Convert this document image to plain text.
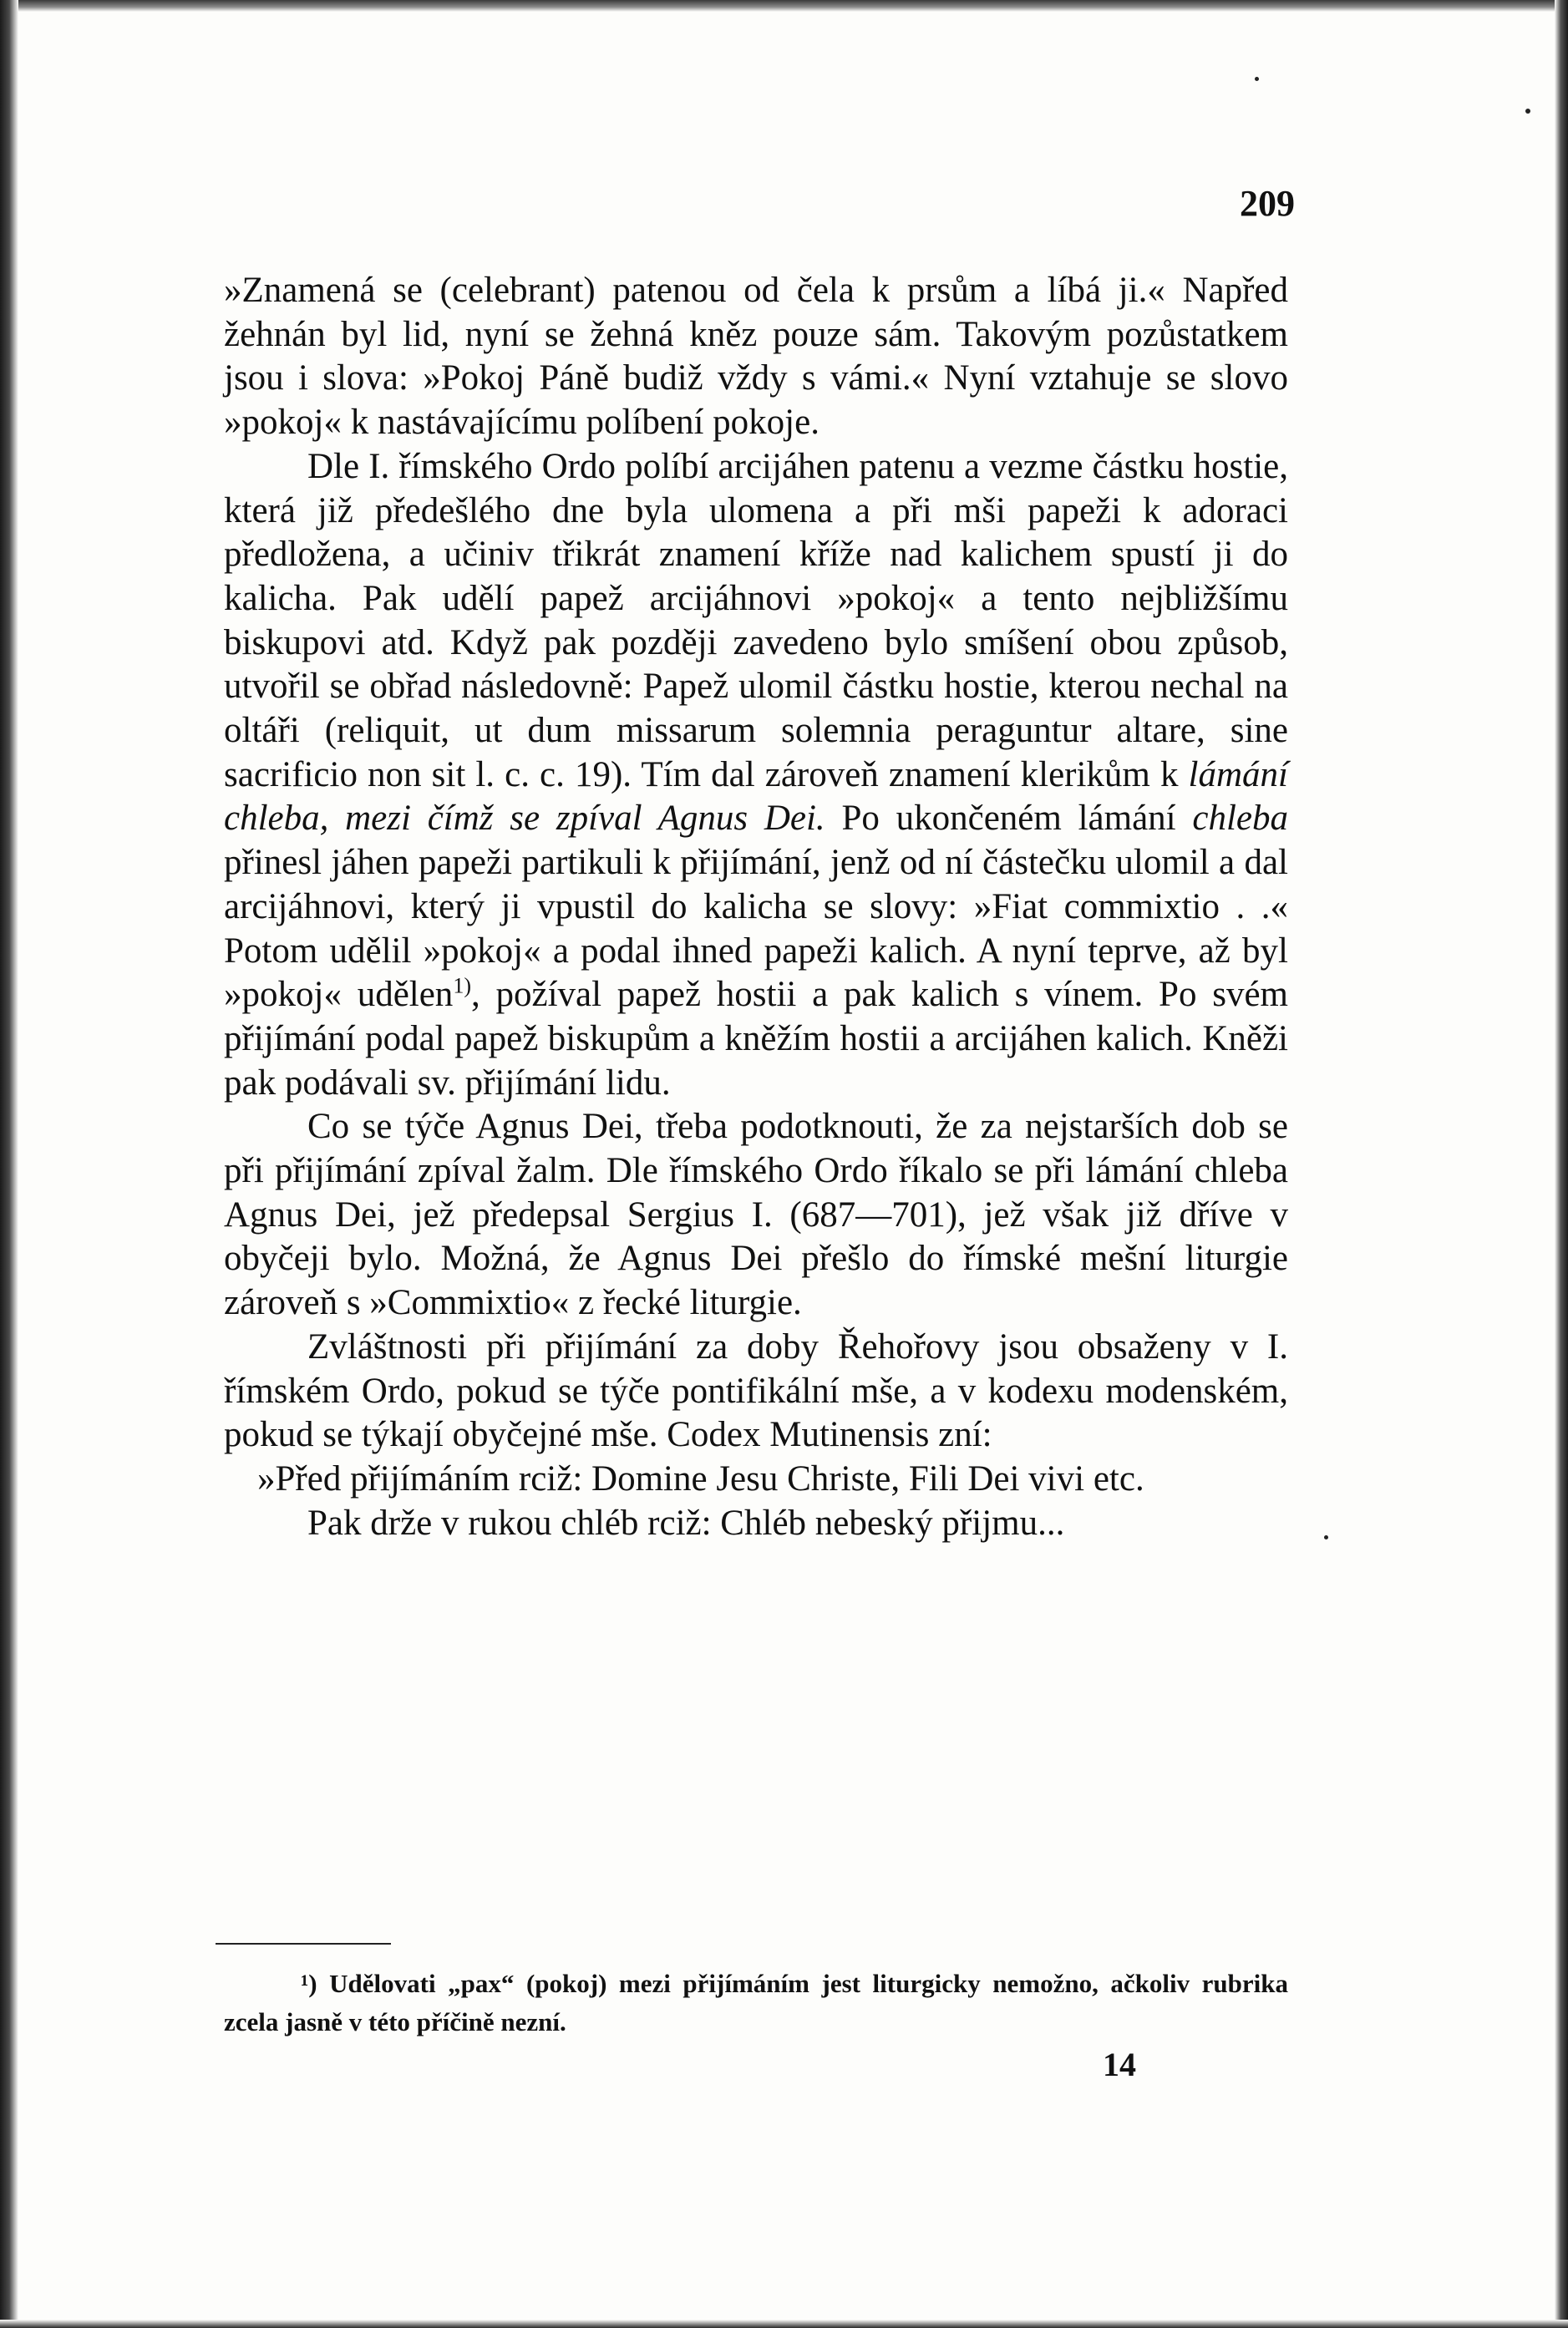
209

»Znamená se (celebrant) patenou od čela k prsům a líbá ji.« Napřed žehnán byl lid, nyní se žehná kněz pouze sám. Takovým pozůstatkem jsou i slova: »Pokoj Páně budiž vždy s vámi.« Nyní vztahuje se slovo »pokoj« k nastávajícímu políbení pokoje.

Dle I. římského Ordo políbí arcijáhen patenu a vezme částku hostie, která již předešlého dne byla ulomena a při mši papeži k adoraci předložena, a učiniv třikrát znamení kříže nad kalichem spustí ji do kalicha. Pak udělí papež arcijáhnovi »pokoj« a tento nejbližšímu biskupovi atd. Když pak později zavedeno bylo smíšení obou způsob, utvořil se obřad následovně: Papež ulomil částku hostie, kterou nechal na oltáři (reliquit, ut dum missarum solemnia peraguntur altare, sine sacrificio non sit l. c. c. 19). Tím dal zároveň znamení klerikům k lámání chleba, mezi čímž se zpíval Agnus Dei. Po ukončeném lámání chleba přinesl jáhen papeži partikuli k přijímání, jenž od ní částečku ulomil a dal arcijáhnovi, který ji vpustil do kalicha se slovy: »Fiat commixtio . .« Potom udělil »pokoj« a podal ihned papeži kalich. A nyní teprve, až byl »pokoj« udělen$^{1)}$, požíval papež hostii a pak kalich s vínem. Po svém přijímání podal papež biskupům a kněžím hostii a arcijáhen kalich. Kněži pak podávali sv. přijímání lidu.

Co se týče Agnus Dei, třeba podotknouti, že za nejstarších dob se při přijímání zpíval žalm. Dle římského Ordo říkalo se při lámání chleba Agnus Dei, jež předepsal Sergius I. (687—701), jež však již dříve v obyčeji bylo. Možná, že Agnus Dei přešlo do římské mešní liturgie zároveň s »Commixtio« z řecké liturgie.

Zvláštnosti při přijímání za doby Řehořovy jsou obsaženy v I. římském Ordo, pokud se týče pontifikální mše, a v kodexu modenském, pokud se týkají obyčejné mše. Codex Mutinensis zní:

»Před přijímáním rciž: Domine Jesu Christe, Fili Dei vivi etc.

Pak drže v rukou chléb rciž: Chléb nebeský přijmu...

¹) Udělovati „pax“ (pokoj) mezi přijímáním jest liturgicky nemožno, ačkoliv rubrika zcela jasně v této příčině nezní.
14
